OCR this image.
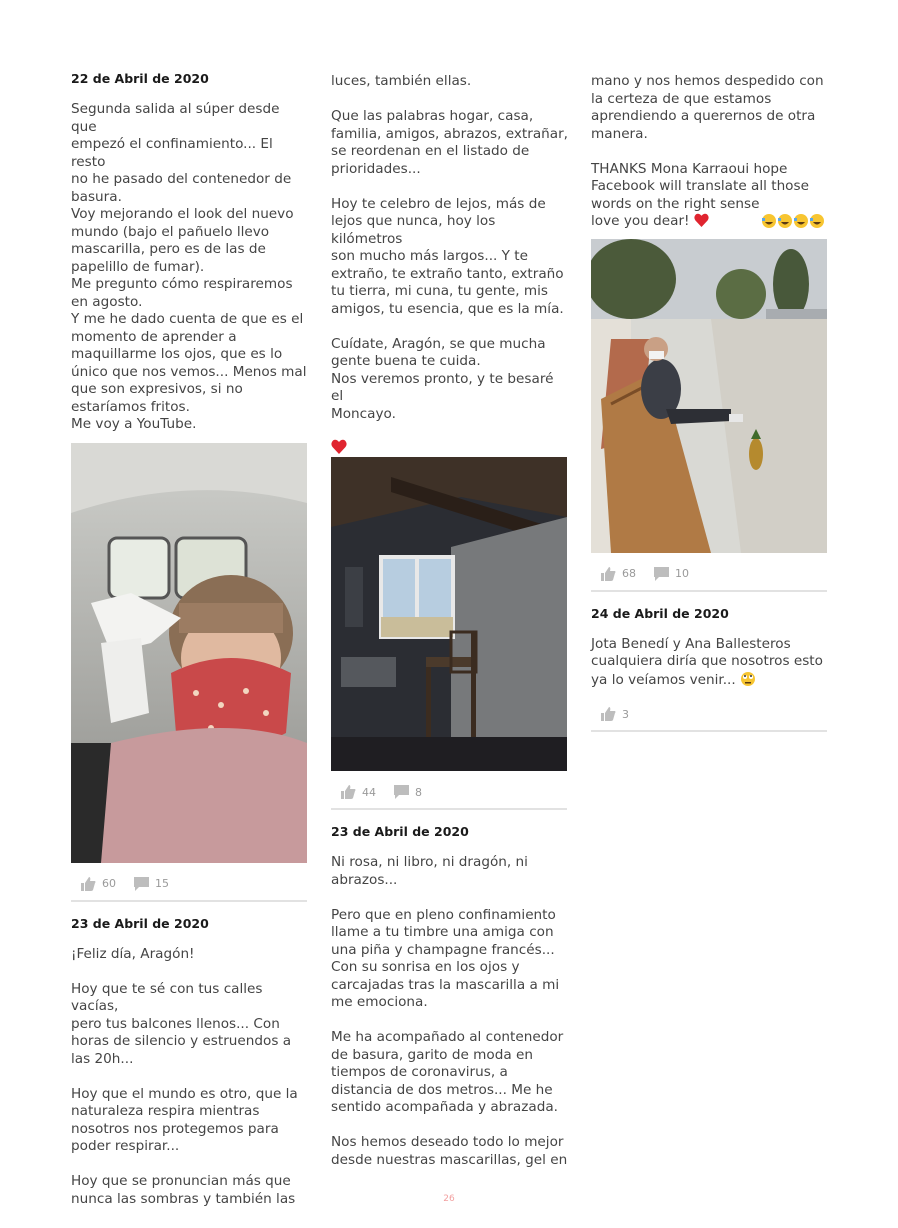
22 de Abril de 2020

Segunda salida al súper desde que
empezó el confinamiento... El resto
no he pasado del contenedor de
basura.
Voy mejorando el look del nuevo
mundo (bajo el pañuelo llevo
mascarilla, pero es de las de
papelillo de fumar).
Me pregunto cómo respiraremos
en agosto.
Y me he dado cuenta de que es el
momento de aprender a
maquillarme los ojos, que es lo
único que nos vemos... Menos mal
que son expresivos, si no
estaríamos fritos.
Me voy a YouTube.

60	15

23 de Abril de 2020

¡Feliz día, Aragón!

Hoy que te sé con tus calles vacías,
pero tus balcones llenos... Con
horas de silencio y estruendos a
las 20h...

Hoy que el mundo es otro, que la
naturaleza respira mientras
nosotros nos protegemos para
poder respirar...

Hoy que se pronuncian más que
nunca las sombras y también las

luces, también ellas.

Que las palabras hogar, casa,
familia, amigos, abrazos, extrañar,
se reordenan en el listado de
prioridades...

Hoy te celebro de lejos, más de
lejos que nunca, hoy los kilómetros
son mucho más largos... Y te
extraño, te extraño tanto, extraño
tu tierra, mi cuna, tu gente, mis
amigos, tu esencia, que es la mía.

Cuídate, Aragón, se que mucha
gente buena te cuida.
Nos veremos pronto, y te besaré el
Moncayo.

44	8

23 de Abril de 2020

Ni rosa, ni libro, ni dragón, ni
abrazos...

Pero que en pleno confinamiento
llame a tu timbre una amiga con
una piña y champagne francés...
Con su sonrisa en los ojos y
carcajadas tras la mascarilla a mi
me emociona.

Me ha acompañado al contenedor
de basura, garito de moda en
tiempos de coronavirus, a
distancia de dos metros... Me he
sentido acompañada y abrazada.

Nos hemos deseado todo lo mejor
desde nuestras mascarillas, gel en

mano y nos hemos despedido con
la certeza de que estamos
aprendiendo a querernos de otra
manera.

THANKS Mona Karraoui hope
Facebook will translate all those
words on the right sense

love you dear!

68	10

24 de Abril de 2020

Jota Benedí y Ana Ballesteros
cualquiera diría que nosotros esto
ya lo veíamos venir...

3
26
